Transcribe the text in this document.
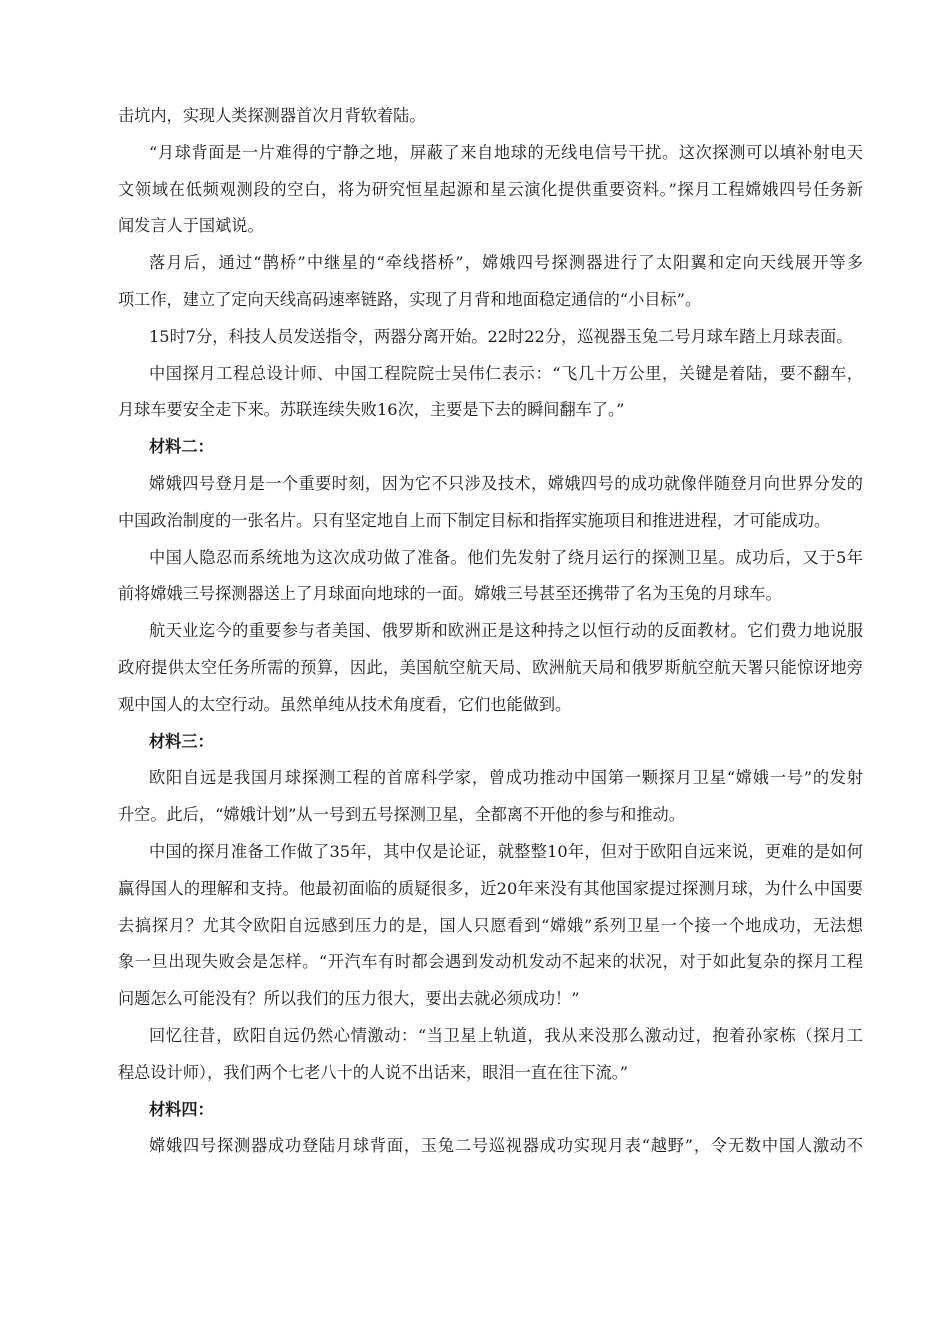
击坑内，实现人类探测器首次月背软着陆。
“月球背面是一片难得的宁静之地，屏蔽了来自地球的无线电信号干扰。这次探测可以填补射电天
文领域在低频观测段的空白，将为研究恒星起源和星云演化提供重要资料。”探月工程嫦娥四号任务新
闻发言人于国斌说。
落月后，通过“鹊桥”中继星的“牵线搭桥”，嫦娥四号探测器进行了太阳翼和定向天线展开等多
项工作，建立了定向天线高码速率链路，实现了月背和地面稳定通信的“小目标”。
15时7分，科技人员发送指令，两器分离开始。22时22分，巡视器玉兔二号月球车踏上月球表面。
中国探月工程总设计师、中国工程院院士吴伟仁表示：“飞几十万公里，关键是着陆，要不翻车，
月球车要安全走下来。苏联连续失败16次，主要是下去的瞬间翻车了。”
材料二：
嫦娥四号登月是一个重要时刻，因为它不只涉及技术，嫦娥四号的成功就像伴随登月向世界分发的
中国政治制度的一张名片。只有坚定地自上而下制定目标和指挥实施项目和推进进程，才可能成功。
中国人隐忍而系统地为这次成功做了准备。他们先发射了绕月运行的探测卫星。成功后，又于5年
前将嫦娥三号探测器送上了月球面向地球的一面。嫦娥三号甚至还携带了名为玉兔的月球车。
航天业迄今的重要参与者美国、俄罗斯和欧洲正是这种持之以恒行动的反面教材。它们费力地说服
政府提供太空任务所需的预算，因此，美国航空航天局、欧洲航天局和俄罗斯航空航天署只能惊讶地旁
观中国人的太空行动。虽然单纯从技术角度看，它们也能做到。
材料三：
欧阳自远是我国月球探测工程的首席科学家，曾成功推动中国第一颗探月卫星“嫦娥一号”的发射
升空。此后，“嫦娥计划”从一号到五号探测卫星，全都离不开他的参与和推动。
中国的探月准备工作做了35年，其中仅是论证，就整整10年，但对于欧阳自远来说，更难的是如何
赢得国人的理解和支持。他最初面临的质疑很多，近20年来没有其他国家提过探测月球，为什么中国要
去搞探月？尤其令欧阳自远感到压力的是，国人只愿看到“嫦娥”系列卫星一个接一个地成功，无法想
象一旦出现失败会是怎样。“开汽车有时都会遇到发动机发动不起来的状况，对于如此复杂的探月工程
问题怎么可能没有？所以我们的压力很大，要出去就必须成功！”
回忆往昔，欧阳自远仍然心情激动：“当卫星上轨道，我从来没那么激动过，抱着孙家栋（探月工
程总设计师），我们两个七老八十的人说不出话来，眼泪一直在往下流。”
材料四：
嫦娥四号探测器成功登陆月球背面，玉兔二号巡视器成功实现月表“越野”，令无数中国人激动不
